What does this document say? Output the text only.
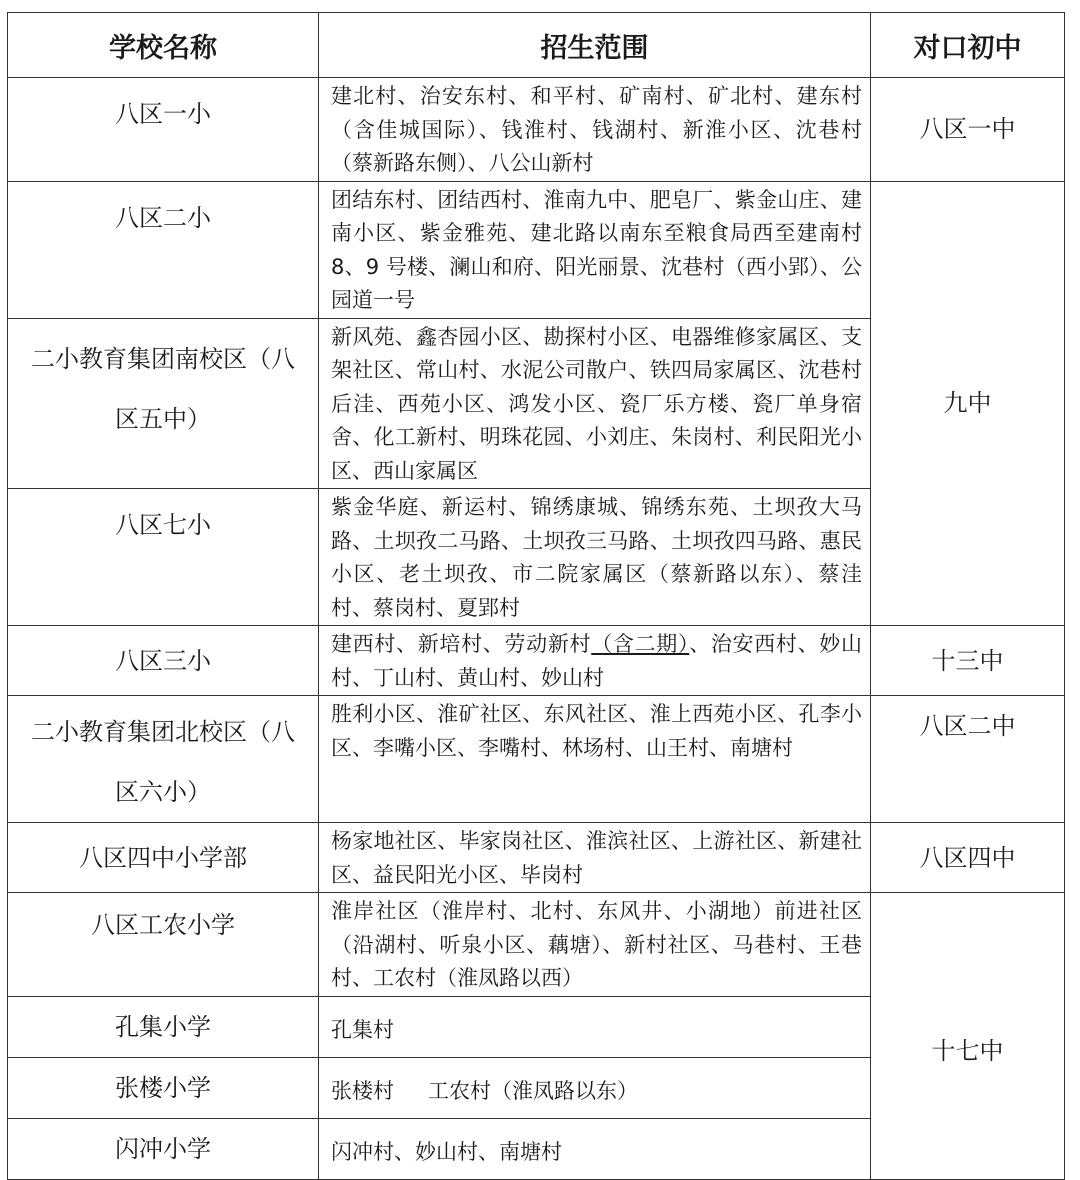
学校名称	招生范围	对口初中

八区一小	建北村、治安东村、和平村、矿南村、矿北村、建东村（含佳城国际）、钱淮村、钱湖村、新淮小区、沈巷村（蔡新路东侧）、八公山新村	八区一中

八区二小	团结东村、团结西村、淮南九中、肥皂厂、紫金山庄、建南小区、紫金雅苑、建北路以南东至粮食局西至建南村 8、9 号楼、澜山和府、阳光丽景、沈巷村（西小郢）、公园道一号	九中

二小教育集团南校区（八区五中）	新风苑、鑫杏园小区、勘探村小区、电器维修家属区、支架社区、常山村、水泥公司散户、铁四局家属区、沈巷村后洼、西苑小区、鸿发小区、瓷厂乐方楼、瓷厂单身宿舍、化工新村、明珠花园、小刘庄、朱岗村、利民阳光小区、西山家属区	

八区七小	紫金华庭、新运村、锦绣康城、锦绣东苑、土坝孜大马路、土坝孜二马路、土坝孜三马路、土坝孜四马路、惠民小区、老土坝孜、市二院家属区（蔡新路以东）、蔡洼村、蔡岗村、夏郢村	

八区三小	建西村、新培村、劳动新村（含二期）、治安西村、妙山村、丁山村、黄山村、妙山村	十三中

二小教育集团北校区（八区六小）	胜利小区、淮矿社区、东风社区、淮上西苑小区、孔李小区、李嘴小区、李嘴村、林场村、山王村、南塘村	八区二中

八区四中小学部	杨家地社区、毕家岗社区、淮滨社区、上游社区、新建社区、益民阳光小区、毕岗村	八区四中

八区工农小学	淮岸社区（淮岸村、北村、东风井、小湖地）前进社区（沿湖村、听泉小区、藕塘）、新村社区、马巷村、王巷村、工农村（淮凤路以西）	十七中

孔集小学	孔集村	

张楼小学	张楼村 工农村（淮凤路以东）	

闪冲小学	闪冲村、妙山村、南塘村	
